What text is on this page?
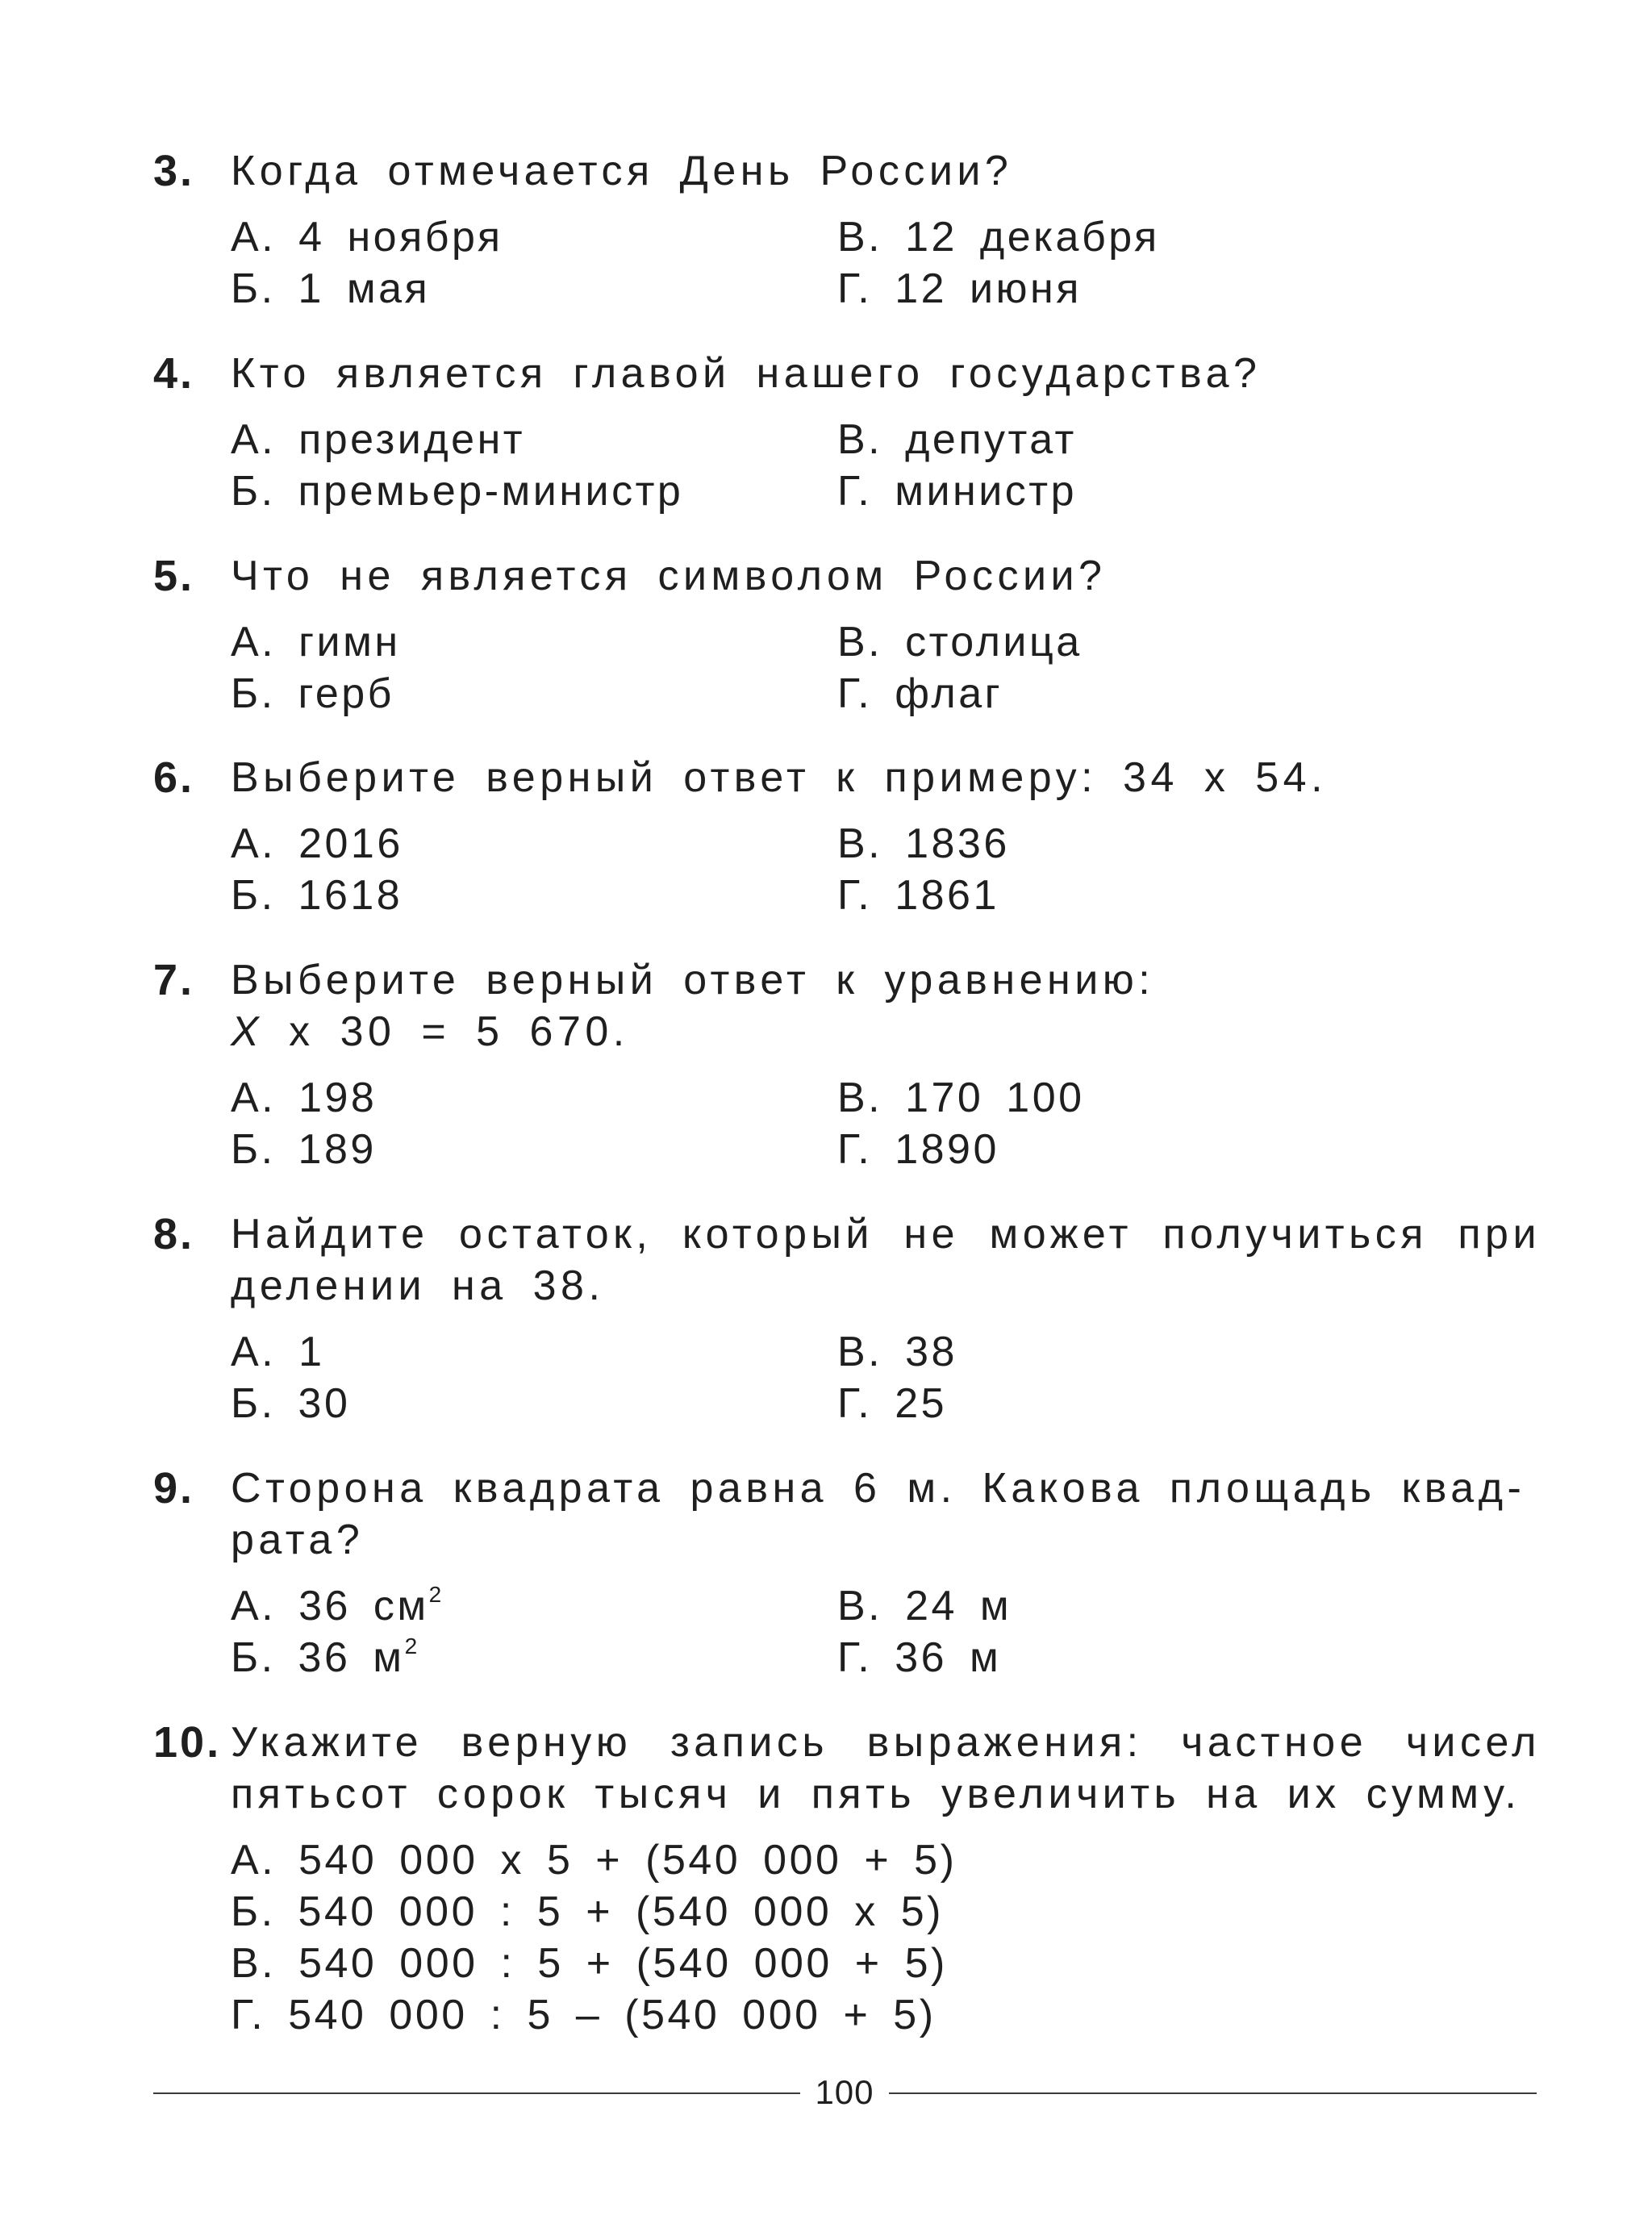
3. Когда отмечается День России?
А. 4 ноября	В. 12 декабря
Б. 1 мая	Г. 12 июня
4. Кто является главой нашего государства?
А. президент	В. депутат
Б. премьер-министр	Г. министр
5. Что не является символом России?
А. гимн	В. столица
Б. герб	Г. флаг
6. Выберите верный ответ к примеру: 34 x 54.
А. 2016	В. 1836
Б. 1618	Г. 1861
7. Выберите верный ответ к уравнению:
Х x 30 = 5 670.
А. 198	В. 170 100
Б. 189	Г. 1890
8. Найдите остаток, который не может получиться при делении на 38.
А. 1	В. 38
Б. 30	Г. 25
9. Сторона квадрата равна 6 м. Какова площадь квад-
рата?
А. 36 $см^2$	В. 24 м
Б. 36 $м^2$	Г. 36 м
10. Укажите верную запись выражения: частное чисел пятьсот сорок тысяч и пять увеличить на их сумму.
А. 540 000 x 5 + (540 000 + 5)
Б. 540 000 : 5 + (540 000 x 5)
В. 540 000 : 5 + (540 000 + 5)
Г. 540 000 : 5 – (540 000 + 5)
100
